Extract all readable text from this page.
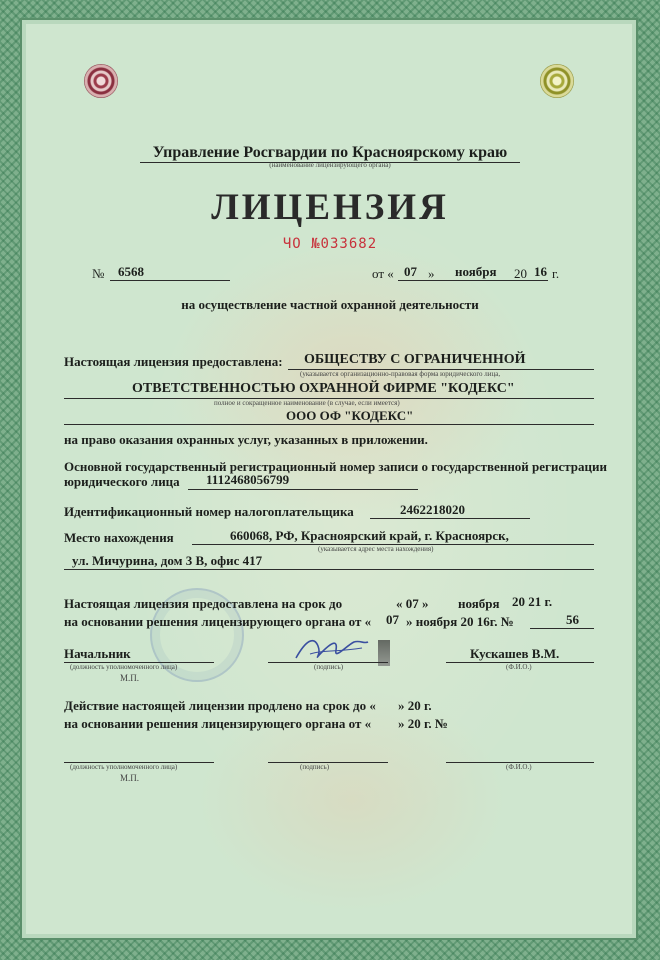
Управление Росгвардии по Красноярскому краю
(наименование лицензирующего органа)
ЛИЦЕНЗИЯ
ЧО №033682
№ 6568	от « 07 » ноября 20 16 г.
на осуществление частной охранной деятельности
Настоящая лицензия предоставлена: ОБЩЕСТВУ С ОГРАНИЧЕННОЙ
(указывается организационно-правовая форма юридического лица,
ОТВЕТСТВЕННОСТЬЮ ОХРАННОЙ ФИРМЕ "КОДЕКС"
полное и сокращенное наименование (в случае, если имеется)
ООО ОФ "КОДЕКС"
на право оказания охранных услуг, указанных в приложении.
Основной государственный регистрационный номер записи о государственной регистрации
юридического лица 1112468056799
Идентификационный номер налогоплательщика	2462218020
Место нахождения	660068, РФ, Красноярский край, г. Красноярск,
(указывается адрес места нахождения)
ул. Мичурина, дом 3 В, офис 417
Настоящая лицензия предоставлена на срок до	« 07 » ноября 20 21 г.
на основании решения лицензирующего органа от « 07 » ноября 20 16г. №	56
Начальник
(должность уполномоченного лица)
М.П.
(подпись)
Кускашев В.М.
(Ф.И.О.)
Действие настоящей лицензии продлено на срок до « » 20 г.
на основании решения лицензирующего органа от « » 20 г. №
(должность уполномоченного лица)
М.П.
(подпись)	(Ф.И.О.)
